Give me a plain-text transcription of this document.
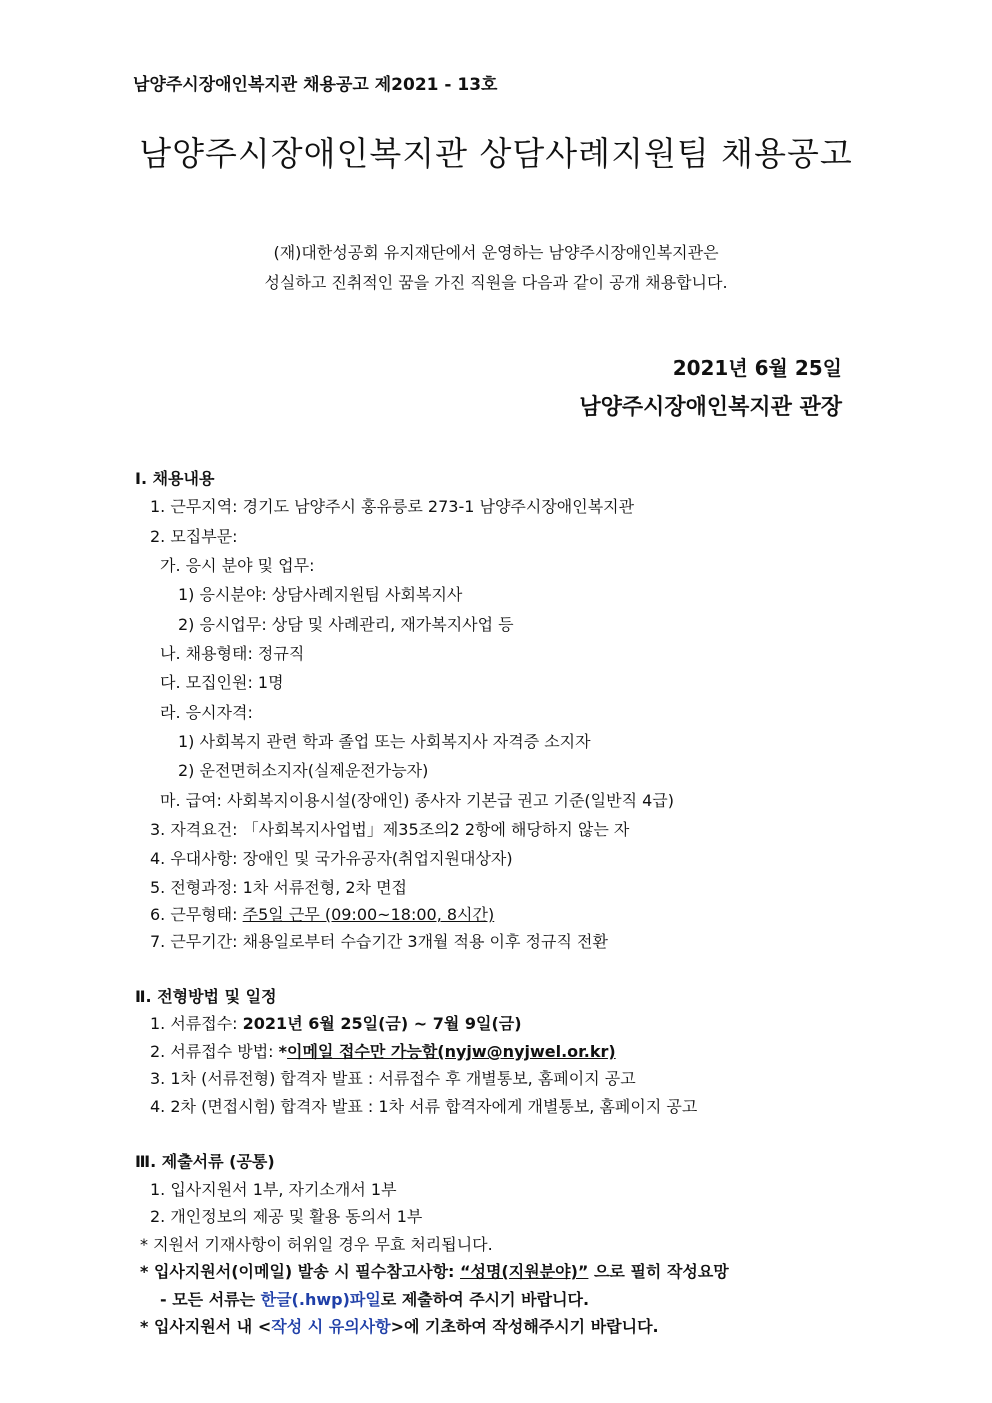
남양주시장애인복지관 채용공고 제2021 - 13호
남양주시장애인복지관 상담사례지원팀 채용공고
(재)대한성공회 유지재단에서 운영하는 남양주시장애인복지관은
성실하고 진취적인 꿈을 가진 직원을 다음과 같이 공개 채용합니다.
2021년 6월 25일
남양주시장애인복지관 관장
Ⅰ. 채용내용
1. 근무지역: 경기도 남양주시 홍유릉로 273-1 남양주시장애인복지관
2. 모집부문:
가. 응시 분야 및 업무:
1) 응시분야: 상담사례지원팀 사회복지사
2) 응시업무: 상담 및 사례관리, 재가복지사업 등
나. 채용형태: 정규직
다. 모집인원: 1명
라. 응시자격:
1) 사회복지 관련 학과 졸업 또는 사회복지사 자격증 소지자
2) 운전면허소지자(실제운전가능자)
마. 급여: 사회복지이용시설(장애인) 종사자 기본급 권고 기준(일반직 4급)
3. 자격요건: 「사회복지사업법」제35조의2 2항에 해당하지 않는 자
4. 우대사항: 장애인 및 국가유공자(취업지원대상자)
5. 전형과정: 1차 서류전형, 2차 면접
6. 근무형태: 주5일 근무 (09:00~18:00, 8시간)
7. 근무기간: 채용일로부터 수습기간 3개월 적용 이후 정규직 전환
Ⅱ. 전형방법 및 일정
1. 서류접수: 2021년 6월 25일(금) ~ 7월 9일(금)
2. 서류접수 방법: *이메일 접수만 가능함(nyjw@nyjwel.or.kr)
3. 1차 (서류전형) 합격자 발표 : 서류접수 후 개별통보, 홈페이지 공고
4. 2차 (면접시험) 합격자 발표 : 1차 서류 합격자에게 개별통보, 홈페이지 공고
Ⅲ. 제출서류 (공통)
1. 입사지원서 1부, 자기소개서 1부
2. 개인정보의 제공 및 활용 동의서 1부
* 지원서 기재사항이 허위일 경우 무효 처리됩니다.
* 입사지원서(이메일) 발송 시 필수참고사항: “성명(지원분야)” 으로 필히 작성요망
- 모든 서류는 한글(.hwp)파일로 제출하여 주시기 바랍니다.
* 입사지원서 내 <작성 시 유의사항>에 기초하여 작성해주시기 바랍니다.
